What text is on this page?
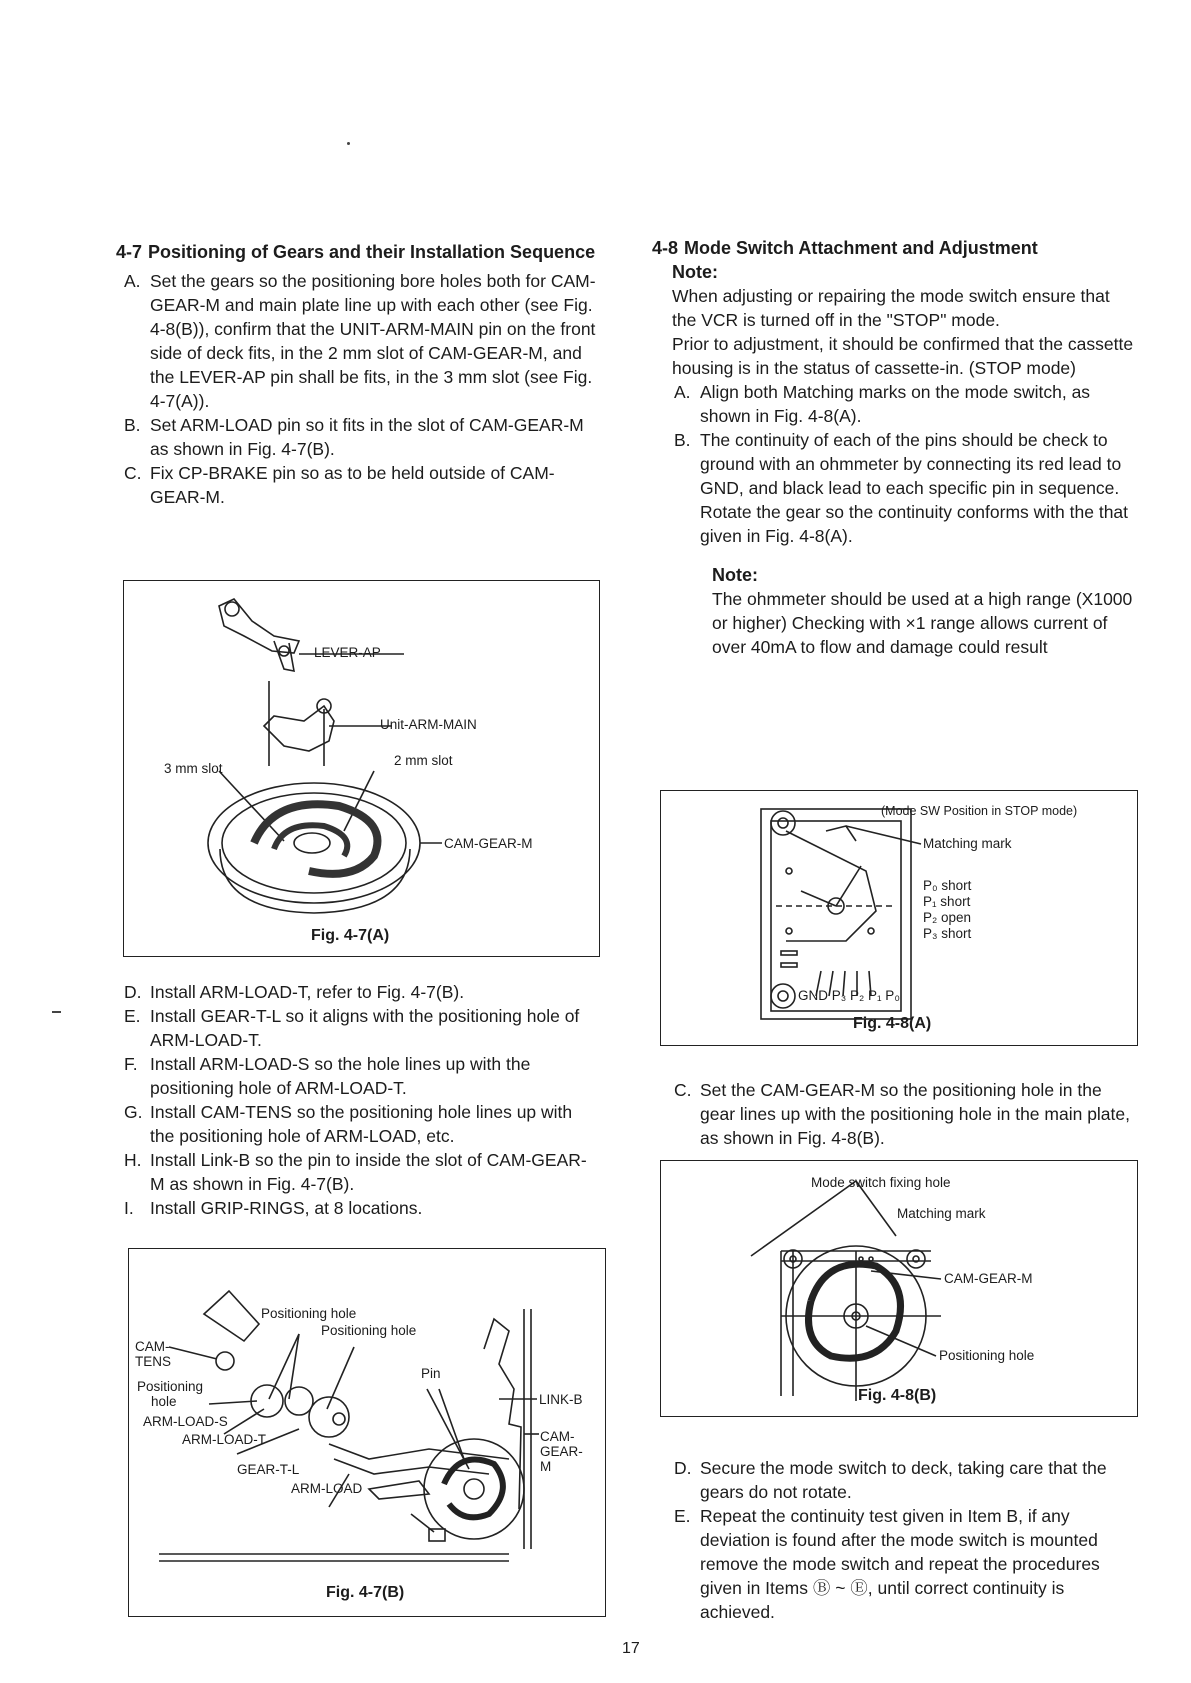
4-7 Positioning of Gears and their Installation Sequence
A. Set the gears so the positioning bore holes both for CAM-GEAR-M and main plate line up with each other (see Fig. 4-8(B)), confirm that the UNIT-ARM-MAIN pin on the front side of deck fits, in the 2 mm slot of CAM-GEAR-M, and the LEVER-AP pin shall be fits, in the 3 mm slot (see Fig. 4-7(A)).
B. Set ARM-LOAD pin so it fits in the slot of CAM-GEAR-M as shown in Fig. 4-7(B).
C. Fix CP-BRAKE pin so as to be held outside of CAM-GEAR-M.
LEVER-AP
Unit-ARM-MAIN
3 mm slot
2 mm slot
CAM-GEAR-M
Fig. 4-7(A)
D. Install ARM-LOAD-T, refer to Fig. 4-7(B).
E. Install GEAR-T-L so it aligns with the positioning hole of ARM-LOAD-T.
F. Install ARM-LOAD-S so the hole lines up with the positioning hole of ARM-LOAD-T.
G. Install CAM-TENS so the positioning hole lines up with the positioning hole of ARM-LOAD, etc.
H. Install Link-B so the pin to inside the slot of CAM-GEAR-M as shown in Fig. 4-7(B).
I. Install GRIP-RINGS, at 8 locations.
Positioning hole
Positioning hole
CAM-
TENS
Pin
Positioning
hole	LINK-B
ARM-LOAD-S
ARM-LOAD-T	CAM-
GEAR-
M
GEAR-T-L
ARM-LOAD
Fig. 4-7(B)
4-8 Mode Switch Attachment and Adjustment
Note:

When adjusting or repairing the mode switch ensure that the VCR is turned off in the "STOP" mode.

Prior to adjustment, it should be confirmed that the cassette housing is in the status of cassette-in. (STOP mode)

A. Align both Matching marks on the mode switch, as shown in Fig. 4-8(A).
B. The continuity of each of the pins should be check to ground with an ohmmeter by connecting its red lead to GND, and black lead to each specific pin in sequence. Rotate the gear so the continuity conforms with the that given in Fig. 4-8(A).
Note:

The ohmmeter should be used at a high range (X1000 or higher) Checking with ×1 range allows current of over 40mA to flow and damage could result

(Mode SW Position in STOP mode)
Matching mark
P₀ short
P₁ short
P₂ open
P₃ short
GND P₃ P₂ P₁ P₀
Fig. 4-8(A)
C. Set the CAM-GEAR-M so the positioning hole in the gear lines up with the positioning hole in the main plate, as shown in Fig. 4-8(B).
Mode switch fixing hole
Matching mark
CAM-GEAR-M
Positioning hole
Fig. 4-8(B)
D. Secure the mode switch to deck, taking care that the gears do not rotate.
E. Repeat the continuity test given in Item B, if any deviation is found after the mode switch is mounted remove the mode switch and repeat the procedures given in Items Ⓑ ~ Ⓔ, until correct continuity is achieved.
17
